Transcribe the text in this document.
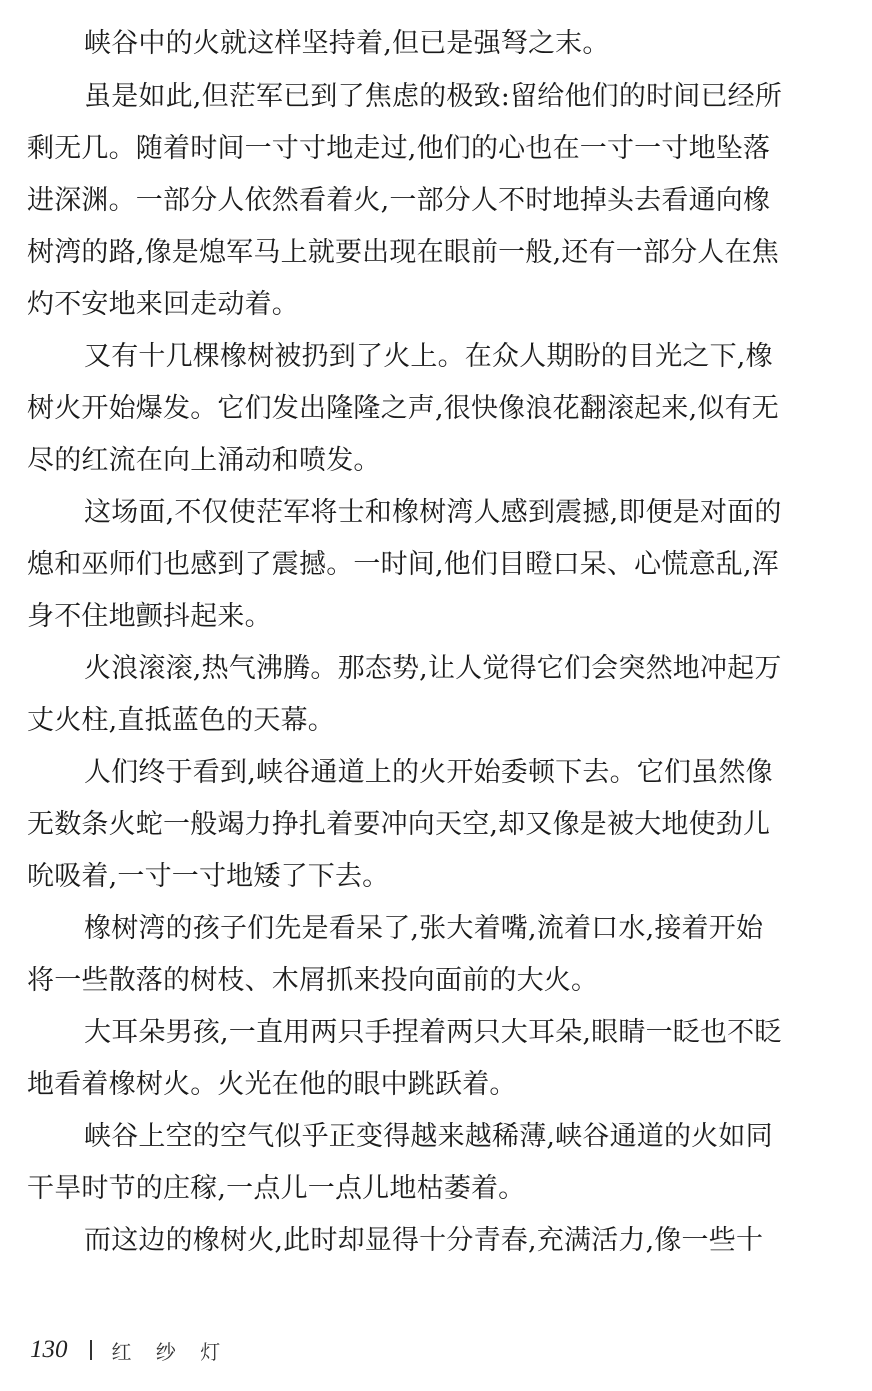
峡谷中的火就这样坚持着,但已是强弩之末。
虽是如此,但茫军已到了焦虑的极致:留给他们的时间已经所
剩无几。随着时间一寸寸地走过,他们的心也在一寸一寸地坠落
进深渊。一部分人依然看着火,一部分人不时地掉头去看通向橡
树湾的路,像是熄军马上就要出现在眼前一般,还有一部分人在焦
灼不安地来回走动着。
又有十几棵橡树被扔到了火上。在众人期盼的目光之下,橡
树火开始爆发。它们发出隆隆之声,很快像浪花翻滚起来,似有无
尽的红流在向上涌动和喷发。
这场面,不仅使茫军将士和橡树湾人感到震撼,即便是对面的
熄和巫师们也感到了震撼。一时间,他们目瞪口呆、心慌意乱,浑
身不住地颤抖起来。
火浪滚滚,热气沸腾。那态势,让人觉得它们会突然地冲起万
丈火柱,直抵蓝色的天幕。
人们终于看到,峡谷通道上的火开始委顿下去。它们虽然像
无数条火蛇一般竭力挣扎着要冲向天空,却又像是被大地使劲儿
吮吸着,一寸一寸地矮了下去。
橡树湾的孩子们先是看呆了,张大着嘴,流着口水,接着开始
将一些散落的树枝、木屑抓来投向面前的大火。
大耳朵男孩,一直用两只手捏着两只大耳朵,眼睛一眨也不眨
地看着橡树火。火光在他的眼中跳跃着。
峡谷上空的空气似乎正变得越来越稀薄,峡谷通道的火如同
干旱时节的庄稼,一点儿一点儿地枯萎着。
而这边的橡树火,此时却显得十分青春,充满活力,像一些十
130 红 纱 灯
